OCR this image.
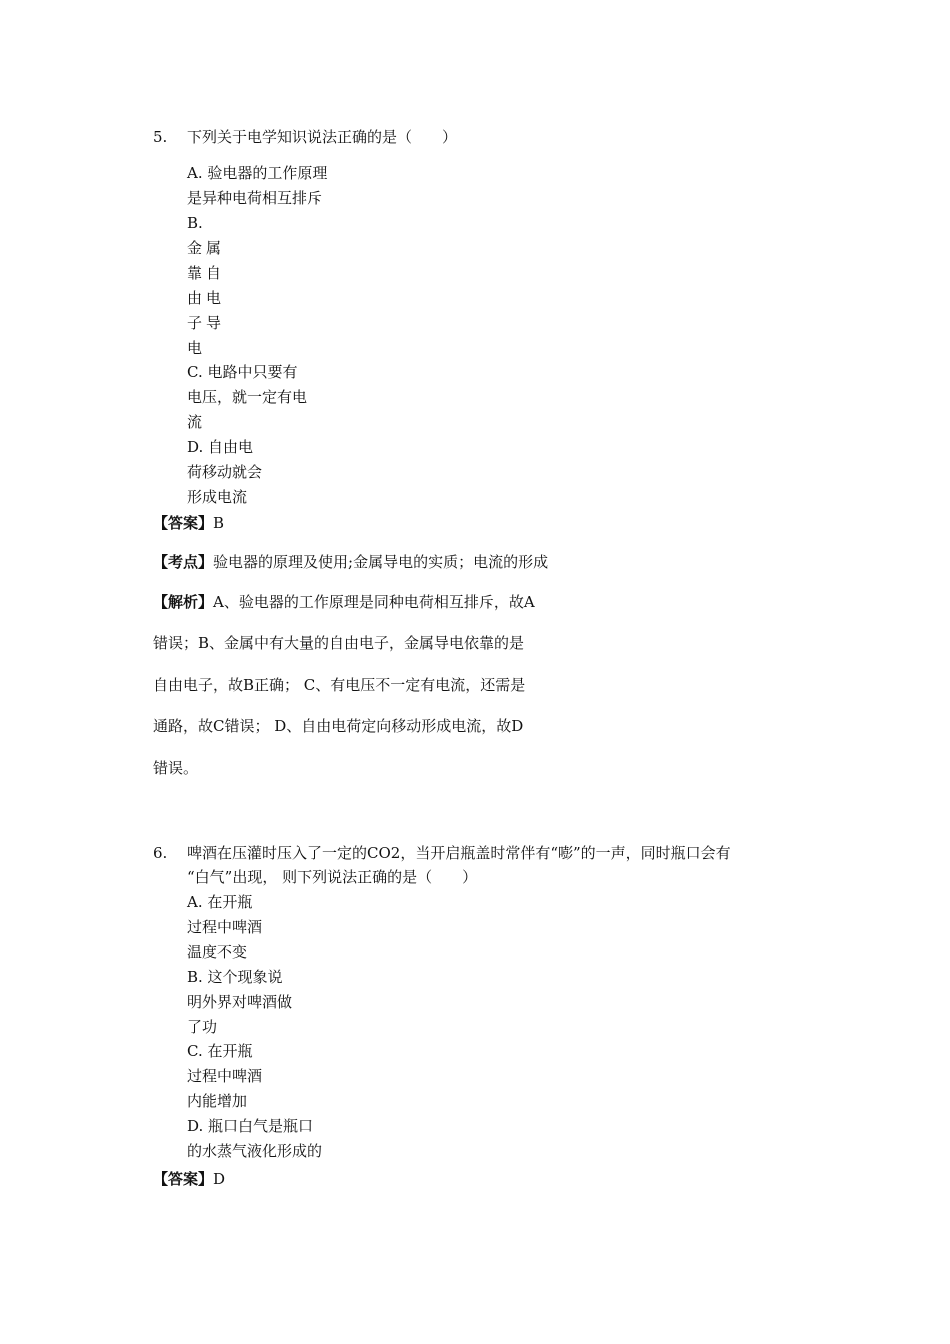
5. 下列关于电学知识说法正确的是（　　）
A. 验电器的工作原理
是异种电荷相互排斥
B.
金属
靠自
由电
子导
电
C. 电路中只要有
电压，就一定有电
流
D. 自由电
荷移动就会
形成电流
【答案】B
【考点】验电器的原理及使用;金属导电的实质；电流的形成
【解析】A、验电器的工作原理是同种电荷相互排斥，故A
错误；B、金属中有大量的自由电子，金属导电依靠的是
自由电子，故B正确； C、有电压不一定有电流，还需是
通路，故C错误； D、自由电荷定向移动形成电流，故D
错误。
6. 啤酒在压灌时压入了一定的CO2，当开启瓶盖时常伴有“嘭”的一声，同时瓶口会有
“白气”出现， 则下列说法正确的是（　　）
A. 在开瓶
过程中啤酒
温度不变
B. 这个现象说
明外界对啤酒做
了功
C. 在开瓶
过程中啤酒
内能增加
D. 瓶口白气是瓶口
的水蒸气液化形成的
【答案】D
